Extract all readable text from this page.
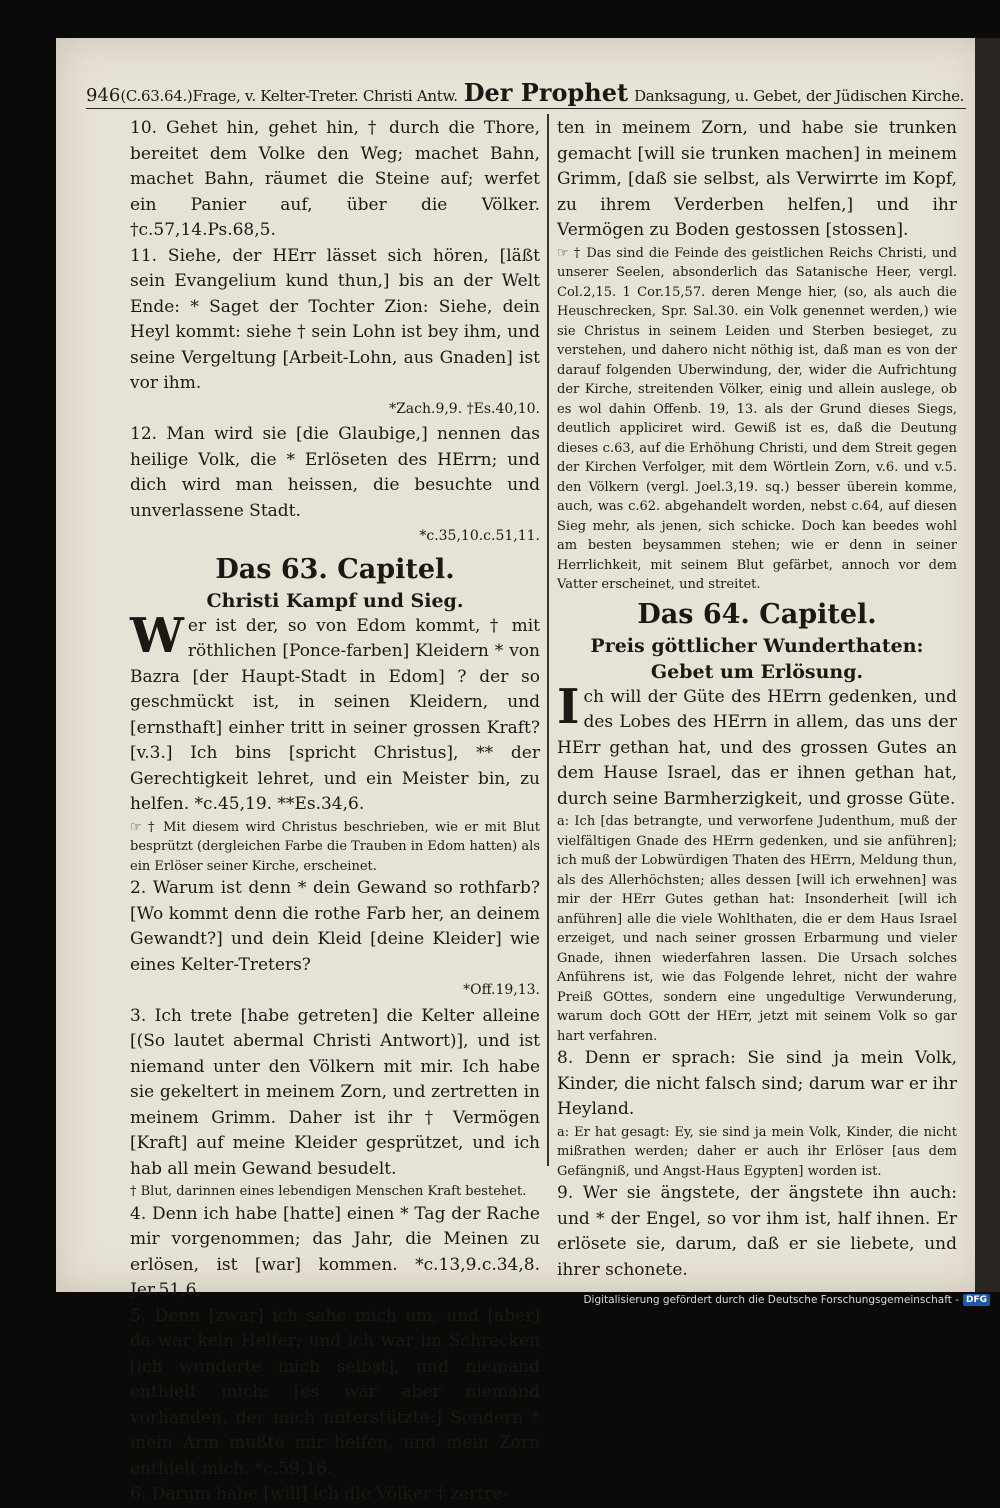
946 (C.63.64.)Frage, v. Kelter-Treter. Christi Antw. Der Prophet Danksagung, u. Gebet, der Jüdischen Kirche.

10. Gehet hin, gehet hin, † durch die Thore, bereitet dem Volke den Weg; machet Bahn, machet Bahn, räumet die Steine auf; werfet ein Panier auf, über die Völker. †c.57,14.Ps.68,5.

11. Siehe, der HErr lässet sich hören, [läßt sein Evangelium kund thun,] bis an der Welt Ende: * Saget der Tochter Zion: Siehe, dein Heyl kommt: siehe † sein Lohn ist bey ihm, und seine Vergeltung [Arbeit-Lohn, aus Gnaden] ist vor ihm.

*Zach.9,9. †Es.40,10.

12. Man wird sie [die Glaubige,] nennen das heilige Volk, die * Erlöseten des HErrn; und dich wird man heissen, die besuchte und unverlassene Stadt.

*c.35,10.c.51,11.

Das 63. Capitel.
Christi Kampf und Sieg.

Wer ist der, so von Edom kommt, † mit röthlichen [Ponce-farben] Kleidern * von Bazra [der Haupt-Stadt in Edom] ? der so geschmückt ist, in seinen Kleidern, und [ernsthaft] einher tritt in seiner grossen Kraft? [v.3.] Ich bins [spricht Christus], ** der Gerechtigkeit lehret, und ein Meister bin, zu helfen. *c.45,19. **Es.34,6.

☞ † Mit diesem wird Christus beschrieben, wie er mit Blut besprützt (dergleichen Farbe die Trauben in Edom hatten) als ein Erlöser seiner Kirche, erscheinet.

2. Warum ist denn * dein Gewand so rothfarb? [Wo kommt denn die rothe Farb her, an deinem Gewandt?] und dein Kleid [deine Kleider] wie eines Kelter-Treters?

*Off.19,13.

3. Ich trete [habe getreten] die Kelter alleine [(So lautet abermal Christi Antwort)], und ist niemand unter den Völkern mit mir. Ich habe sie gekeltert in meinem Zorn, und zertretten in meinem Grimm. Daher ist ihr † Vermögen [Kraft] auf meine Kleider gesprützet, und ich hab all mein Gewand besudelt.

† Blut, darinnen eines lebendigen Menschen Kraft bestehet.

4. Denn ich habe [hatte] einen * Tag der Rache mir vorgenommen; das Jahr, die Meinen zu erlösen, ist [war] kommen. *c.13,9.c.34,8. Jer.51,6.

5. Denn [zwar] ich sahe mich um, und [aber] da war kein Helfer; und ich war im Schrecken [ich wunderte mich selbst], und niemand enthielt mich: [es war aber niemand vorhanden, der mich unterstützte:] Sondern * mein Arm mußte mir helfen, und mein Zorn enthielt mich. *c.59,16.

6. Darum habe [will] ich die Völker † zertre-

ten in meinem Zorn, und habe sie trunken gemacht [will sie trunken machen] in meinem Grimm, [daß sie selbst, als Verwirrte im Kopf, zu ihrem Verderben helfen,] und ihr Vermögen zu Boden gestossen [stossen].

☞ † Das sind die Feinde des geistlichen Reichs Christi, und unserer Seelen, absonderlich das Satanische Heer, vergl. Col.2,15. 1 Cor.15,57. deren Menge hier, (so, als auch die Heuschrecken, Spr. Sal.30. ein Volk genennet werden,) wie sie Christus in seinem Leiden und Sterben besieget, zu verstehen, und dahero nicht nöthig ist, daß man es von der darauf folgenden Uberwindung, der, wider die Aufrichtung der Kirche, streitenden Völker, einig und allein auslege, ob es wol dahin Offenb. 19, 13. als der Grund dieses Siegs, deutlich appliciret wird. Gewiß ist es, daß die Deutung dieses c.63, auf die Erhöhung Christi, und dem Streit gegen der Kirchen Verfolger, mit dem Wörtlein Zorn, v.6. und v.5. den Völkern (vergl. Joel.3,19. sq.) besser überein komme, auch, was c.62. abgehandelt worden, nebst c.64, auf diesen Sieg mehr, als jenen, sich schicke. Doch kan beedes wohl am besten beysammen stehen; wie er denn in seiner Herrlichkeit, mit seinem Blut gefärbet, annoch vor dem Vatter erscheinet, und streitet.

Das 64. Capitel.
Preis göttlicher Wunderthaten: Gebet um Erlösung.

Ich will der Güte des HErrn gedenken, und des Lobes des HErrn in allem, das uns der HErr gethan hat, und des grossen Gutes an dem Hause Israel, das er ihnen gethan hat, durch seine Barmherzigkeit, und grosse Güte.

a: Ich [das betrangte, und verworfene Judenthum, muß der vielfältigen Gnade des HErrn gedenken, und sie anführen]; ich muß der Lobwürdigen Thaten des HErrn, Meldung thun, als des Allerhöchsten; alles dessen [will ich erwehnen] was mir der HErr Gutes gethan hat: Insonderheit [will ich anführen] alle die viele Wohlthaten, die er dem Haus Israel erzeiget, und nach seiner grossen Erbarmung und vieler Gnade, ihnen wiederfahren lassen. Die Ursach solches Anführens ist, wie das Folgende lehret, nicht der wahre Preiß GOttes, sondern eine ungedultige Verwunderung, warum doch GOtt der HErr, jetzt mit seinem Volk so gar hart verfahren.

8. Denn er sprach: Sie sind ja mein Volk, Kinder, die nicht falsch sind; darum war er ihr Heyland.

a: Er hat gesagt: Ey, sie sind ja mein Volk, Kinder, die nicht mißrathen werden; daher er auch ihr Erlöser [aus dem Gefängniß, und Angst-Haus Egypten] worden ist.

9. Wer sie ängstete, der ängstete ihn auch: und * der Engel, so vor ihm ist, half ihnen. Er erlösete sie, darum, daß er sie liebete, und ihrer schonete.

Digitalisierung gefördert durch die Deutsche Forschungsgemeinschaft - DFG
